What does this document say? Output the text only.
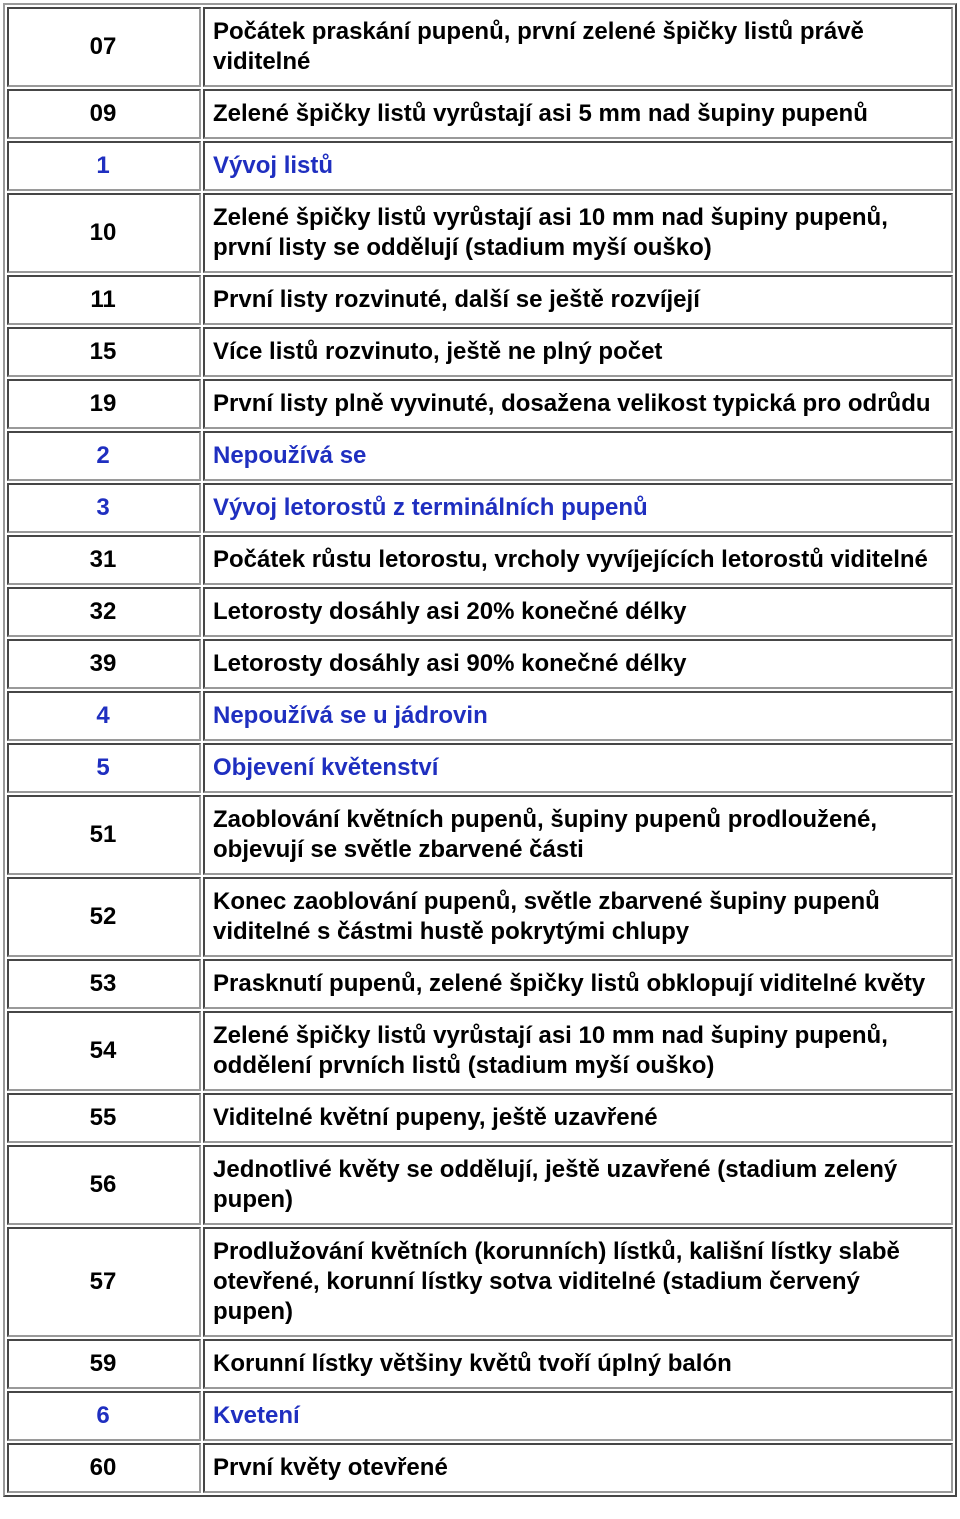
07	Počátek praskání pupenů, první zelené špičky listů právě viditelné
09	Zelené špičky listů vyrůstají asi 5 mm nad šupiny pupenů
1	Vývoj listů
10	Zelené špičky listů vyrůstají asi 10 mm nad šupiny pupenů, první listy se oddělují (stadium myší ouško)
11	První listy rozvinuté, další se ještě rozvíjejí
15	Více listů rozvinuto, ještě ne plný počet
19	První listy plně vyvinuté, dosažena velikost typická pro odrůdu
2	Nepoužívá se
3	Vývoj letorostů z terminálních pupenů
31	Počátek růstu letorostu, vrcholy vyvíjejících letorostů viditelné
32	Letorosty dosáhly asi 20% konečné délky
39	Letorosty dosáhly asi 90% konečné délky
4	Nepoužívá se u jádrovin
5	Objevení květenství
51	Zaoblování květních pupenů, šupiny pupenů prodloužené, objevují se světle zbarvené části
52	Konec zaoblování pupenů, světle zbarvené šupiny pupenů viditelné s částmi hustě pokrytými chlupy
53	Prasknutí pupenů, zelené špičky listů obklopují viditelné květy
54	Zelené špičky listů vyrůstají asi 10 mm nad šupiny pupenů, oddělení prvních listů (stadium myší ouško)
55	Viditelné květní pupeny, ještě uzavřené
56	Jednotlivé květy se oddělují, ještě uzavřené (stadium zelený pupen)
57	Prodlužování květních (korunních) lístků, kališní lístky slabě otevřené, korunní lístky sotva viditelné (stadium červený pupen)
59	Korunní lístky většiny květů tvoří úplný balón
6	Kvetení
60	První květy otevřené
